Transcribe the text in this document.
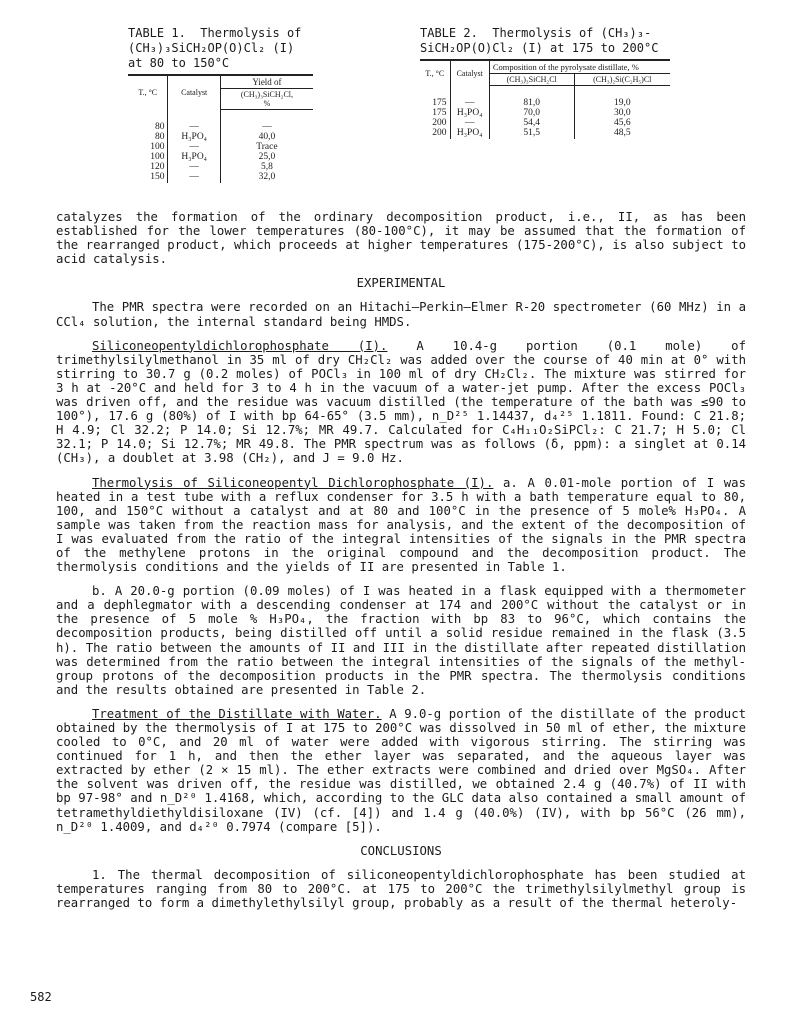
TABLE 1.  Thermolysis of
(CH₃)₃SiCH₂OP(O)Cl₂ (I)
at 80 to 150°C
T., °C	Catalyst	Yield of
		(CH₃)₃SiCH₂Cl,
%
80	—	—
80	H₃PO₄	40,0
100	—	Trace
100	H₃PO₄	25,0
120	—	5,8
150	—	32,0
TABLE 2.  Thermolysis of (CH₃)₃-
SiCH₂OP(O)Cl₂ (I) at 175 to 200°C
T., °C	Catalyst	Composition of the pyrolysate distillate, %	
		(CH₃)₃SiCH₂Cl	(CH₃)₂Si(C₂H₅)Cl
175	—	81,0	19,0
175	H₃PO₄	70,0	30,0
200	—	54,4	45,6
200	H₃PO₄	51,5	48,5

catalyzes the formation of the ordinary decomposition product, i.e., II, as has been established for the lower temperatures (80-100°C), it may be assumed that the formation of the rearranged product, which proceeds at higher temperatures (175-200°C), is also subject to acid catalysis.

EXPERIMENTAL

The PMR spectra were recorded on an Hitachi—Perkin—Elmer R-20 spectrometer (60 MHz) in a CCl₄ solution, the internal standard being HMDS.

Siliconeopentyldichlorophosphate (I). A 10.4-g portion (0.1 mole) of trimethylsilylmethanol in 35 ml of dry CH₂Cl₂ was added over the course of 40 min at 0° with stirring to 30.7 g (0.2 moles) of POCl₃ in 100 ml of dry CH₂Cl₂. The mixture was stirred for 3 h at -20°C and held for 3 to 4 h in the vacuum of a water-jet pump. After the excess POCl₃ was driven off, and the residue was vacuum distilled (the temperature of the bath was ≤90 to 100°), 17.6 g (80%) of I with bp 64-65° (3.5 mm), n_D²⁵ 1.14437, d₄²⁵ 1.1811. Found: C 21.8; H 4.9; Cl 32.2; P 14.0; Si 12.7%; MR 49.7. Calculated for C₄H₁₁O₂SiPCl₂: C 21.7; H 5.0; Cl 32.1; P 14.0; Si 12.7%; MR 49.8. The PMR spectrum was as follows (δ, ppm): a singlet at 0.14 (CH₃), a doublet at 3.98 (CH₂), and J = 9.0 Hz.

Thermolysis of Siliconeopentyl Dichlorophosphate (I). a. A 0.01-mole portion of I was heated in a test tube with a reflux condenser for 3.5 h with a bath temperature equal to 80, 100, and 150°C without a catalyst and at 80 and 100°C in the presence of 5 mole% H₃PO₄. A sample was taken from the reaction mass for analysis, and the extent of the decomposition of I was evaluated from the ratio of the integral intensities of the signals in the PMR spectra of the methylene protons in the original compound and the decomposition product. The thermolysis conditions and the yields of II are presented in Table 1.

b. A 20.0-g portion (0.09 moles) of I was heated in a flask equipped with a thermometer and a dephlegmator with a descending condenser at 174 and 200°C without the catalyst or in the presence of 5 mole % H₃PO₄, the fraction with bp 83 to 96°C, which contains the decomposition products, being distilled off until a solid residue remained in the flask (3.5 h). The ratio between the amounts of II and III in the distillate after repeated distillation was determined from the ratio between the integral intensities of the signals of the methyl-group protons of the decomposition products in the PMR spectra. The thermolysis conditions and the results obtained are presented in Table 2.

Treatment of the Distillate with Water. A 9.0-g portion of the distillate of the product obtained by the thermolysis of I at 175 to 200°C was dissolved in 50 ml of ether, the mixture cooled to 0°C, and 20 ml of water were added with vigorous stirring. The stirring was continued for 1 h, and then the ether layer was separated, and the aqueous layer was extracted by ether (2 × 15 ml). The ether extracts were combined and dried over MgSO₄. After the solvent was driven off, the residue was distilled, we obtained 2.4 g (40.7%) of II with bp 97-98° and n_D²⁰ 1.4168, which, according to the GLC data also contained a small amount of tetramethyldiethyldisiloxane (IV) (cf. [4]) and 1.4 g (40.0%) (IV), with bp 56°C (26 mm), n_D²⁰ 1.4009, and d₄²⁰ 0.7974 (compare [5]).

CONCLUSIONS

1. The thermal decomposition of siliconeopentyldichlorophosphate has been studied at temperatures ranging from 80 to 200°C. at 175 to 200°C the trimethylsilylmethyl group is rearranged to form a dimethylethylsilyl group, probably as a result of the thermal heteroly-

582
